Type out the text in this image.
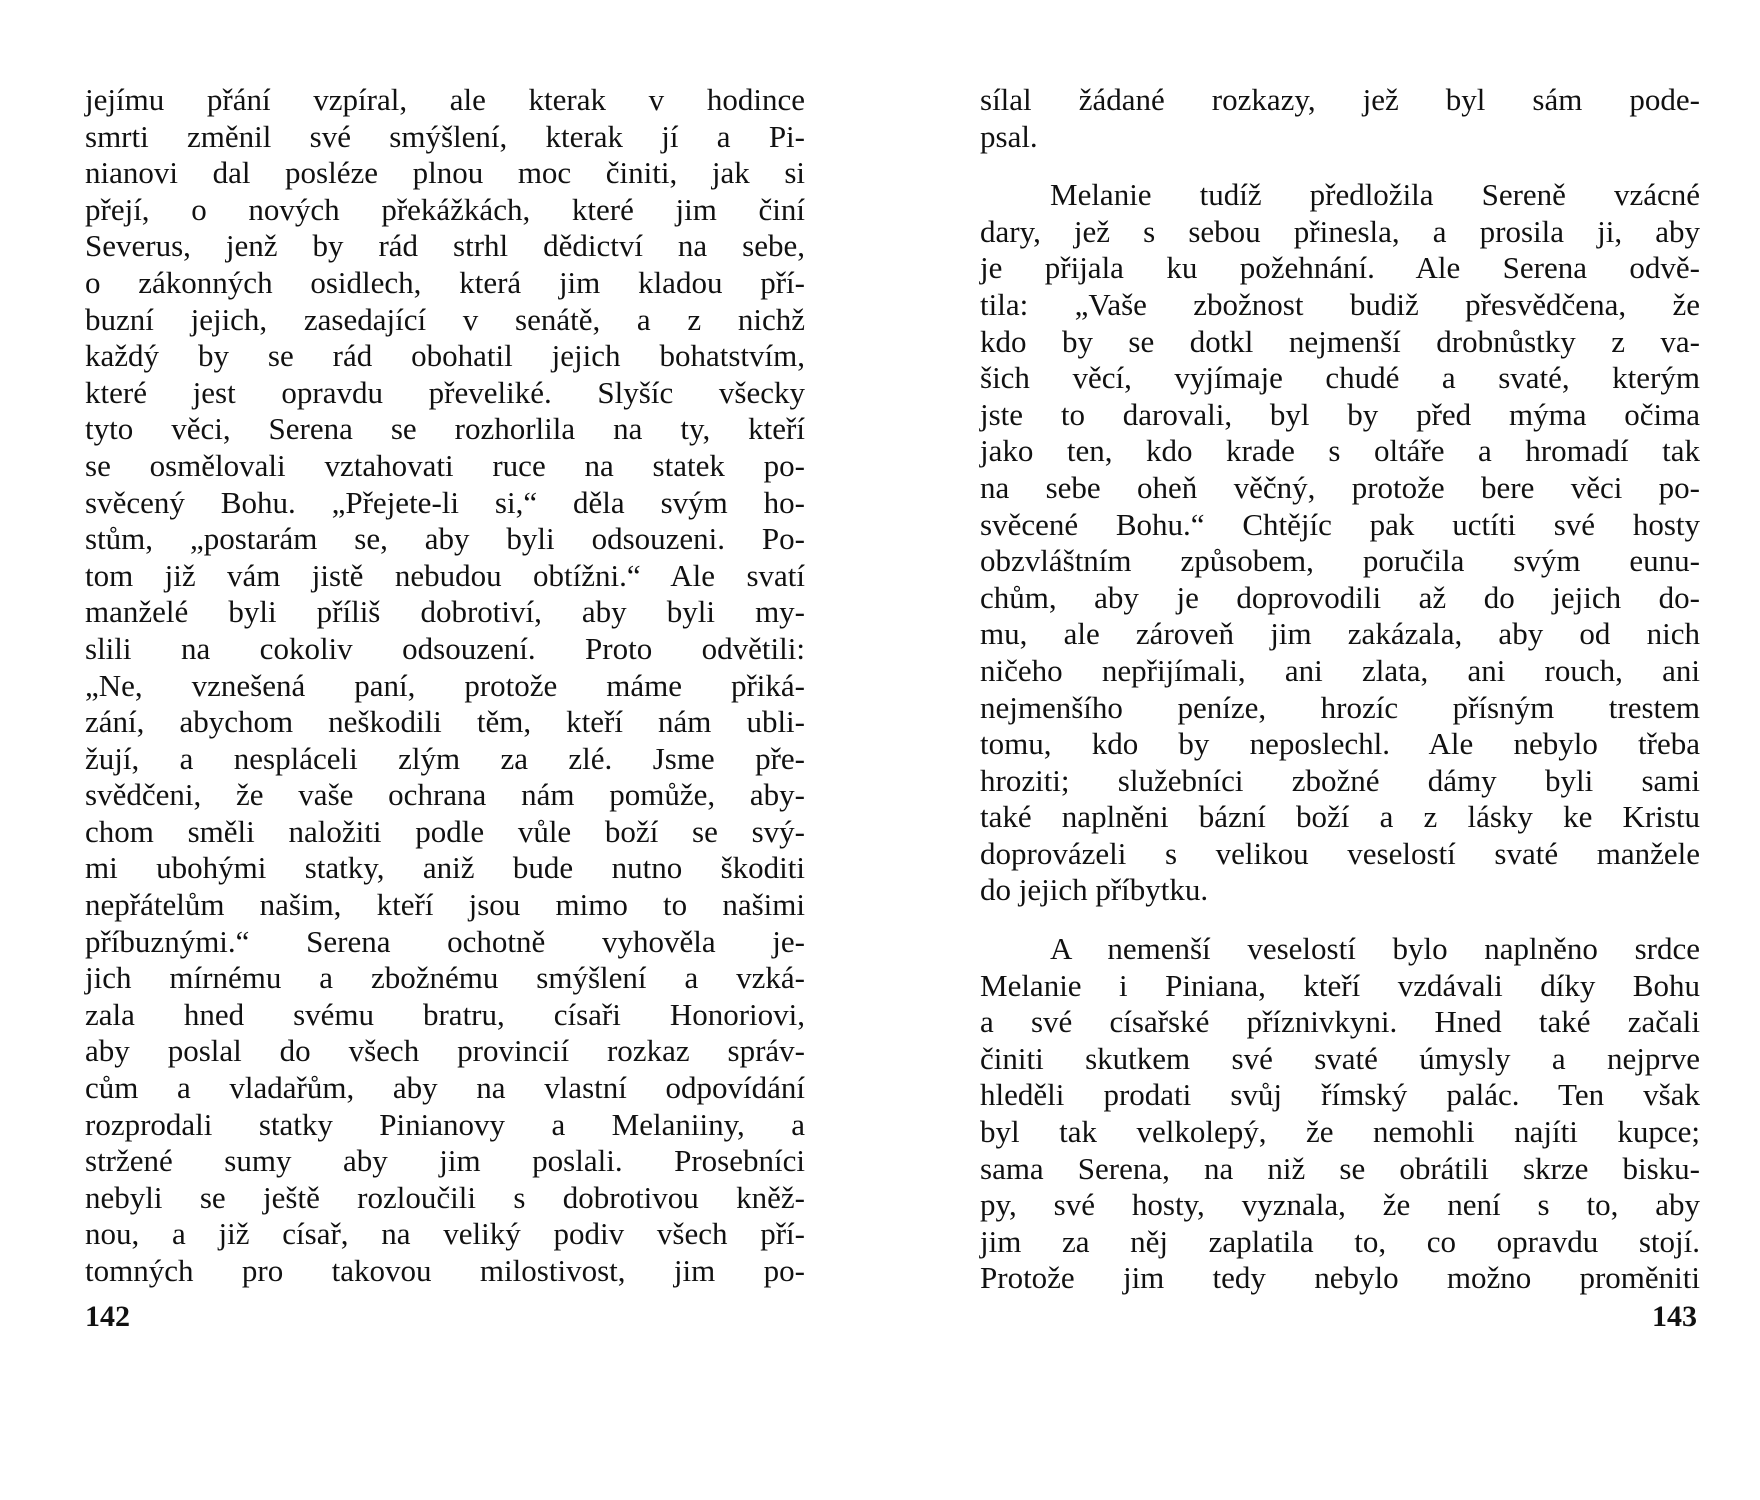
jejímu přání vzpíral, ale kterak v hodince
smrti změnil své smýšlení, kterak jí a Pi-
nianovi dal posléze plnou moc činiti, jak si
přejí, o nových překážkách, které jim činí
Severus, jenž by rád strhl dědictví na sebe,
o zákonných osidlech, která jim kladou pří-
buzní jejich, zasedající v senátě, a z nichž
každý by se rád obohatil jejich bohatstvím,
které jest opravdu převeliké. Slyšíc všecky
tyto věci, Serena se rozhorlila na ty, kteří
se osmělovali vztahovati ruce na statek po-
svěcený Bohu. „Přejete-li si,“ děla svým ho-
stům, „postarám se, aby byli odsouzeni. Po-
tom již vám jistě nebudou obtížni.“ Ale svatí
manželé byli příliš dobrotiví, aby byli my-
slili na cokoliv odsouzení. Proto odvětili:
„Ne, vznešená paní, protože máme přiká-
zání, abychom neškodili těm, kteří nám ubli-
žují, a nespláceli zlým za zlé. Jsme pře-
svědčeni, že vaše ochrana nám pomůže, aby-
chom směli naložiti podle vůle boží se svý-
mi ubohými statky, aniž bude nutno škoditi
nepřátelům našim, kteří jsou mimo to našimi
příbuznými.“ Serena ochotně vyhověla je-
jich mírnému a zbožnému smýšlení a vzká-
zala hned svému bratru, císaři Honoriovi,
aby poslal do všech provincií rozkaz správ-
cům a vladařům, aby na vlastní odpovídání
rozprodali statky Pinianovy a Melaniiny, a
stržené sumy aby jim poslali. Prosebníci
nebyli se ještě rozloučili s dobrotivou kněž-
nou, a již císař, na veliký podiv všech pří-
tomných pro takovou milostivost, jim po-
142
sílal žádané rozkazy, jež byl sám pode-
psal.
Melanie tudíž předložila Sereně vzácné
dary, jež s sebou přinesla, a prosila ji, aby
je přijala ku požehnání. Ale Serena odvě-
tila: „Vaše zbožnost budiž přesvědčena, že
kdo by se dotkl nejmenší drobnůstky z va-
šich věcí, vyjímaje chudé a svaté, kterým
jste to darovali, byl by před mýma očima
jako ten, kdo krade s oltáře a hromadí tak
na sebe oheň věčný, protože bere věci po-
svěcené Bohu.“ Chtějíc pak uctíti své hosty
obzvláštním způsobem, poručila svým eunu-
chům, aby je doprovodili až do jejich do-
mu, ale zároveň jim zakázala, aby od nich
ničeho nepřijímali, ani zlata, ani rouch, ani
nejmenšího peníze, hrozíc přísným trestem
tomu, kdo by neposlechl. Ale nebylo třeba
hroziti; služebníci zbožné dámy byli sami
také naplněni bázní boží a z lásky ke Kristu
doprovázeli s velikou veselostí svaté manžele
do jejich příbytku.
A nemenší veselostí bylo naplněno srdce
Melanie i Piniana, kteří vzdávali díky Bohu
a své císařské příznivkyni. Hned také začali
činiti skutkem své svaté úmysly a nejprve
hleděli prodati svůj římský palác. Ten však
byl tak velkolepý, že nemohli najíti kupce;
sama Serena, na niž se obrátili skrze bisku-
py, své hosty, vyznala, že není s to, aby
jim za něj zaplatila to, co opravdu stojí.
Protože jim tedy nebylo možno proměniti
143
